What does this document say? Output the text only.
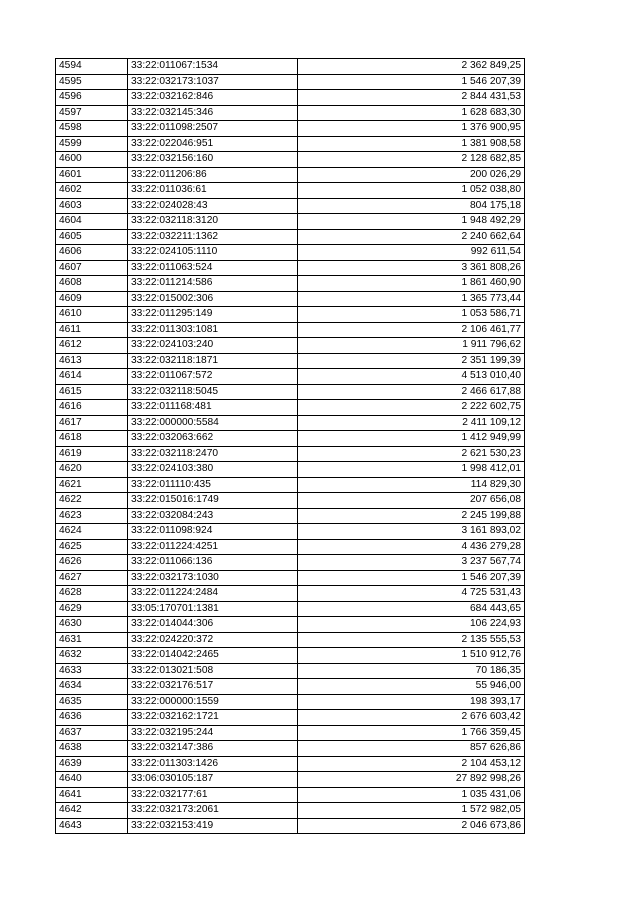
4594	33:22:011067:1534	2 362 849,25
4595	33:22:032173:1037	1 546 207,39
4596	33:22:032162:846	2 844 431,53
4597	33:22:032145:346	1 628 683,30
4598	33:22:011098:2507	1 376 900,95
4599	33:22:022046:951	1 381 908,58
4600	33:22:032156:160	2 128 682,85
4601	33:22:011206:86	200 026,29
4602	33:22:011036:61	1 052 038,80
4603	33:22:024028:43	804 175,18
4604	33:22:032118:3120	1 948 492,29
4605	33:22:032211:1362	2 240 662,64
4606	33:22:024105:1110	992 611,54
4607	33:22:011063:524	3 361 808,26
4608	33:22:011214:586	1 861 460,90
4609	33:22:015002:306	1 365 773,44
4610	33:22:011295:149	1 053 586,71
4611	33:22:011303:1081	2 106 461,77
4612	33:22:024103:240	1 911 796,62
4613	33:22:032118:1871	2 351 199,39
4614	33:22:011067:572	4 513 010,40
4615	33:22:032118:5045	2 466 617,88
4616	33:22:011168:481	2 222 602,75
4617	33:22:000000:5584	2 411 109,12
4618	33:22:032063:662	1 412 949,99
4619	33:22:032118:2470	2 621 530,23
4620	33:22:024103:380	1 998 412,01
4621	33:22:011110:435	114 829,30
4622	33:22:015016:1749	207 656,08
4623	33:22:032084:243	2 245 199,88
4624	33:22:011098:924	3 161 893,02
4625	33:22:011224:4251	4 436 279,28
4626	33:22:011066:136	3 237 567,74
4627	33:22:032173:1030	1 546 207,39
4628	33:22:011224:2484	4 725 531,43
4629	33:05:170701:1381	684 443,65
4630	33:22:014044:306	106 224,93
4631	33:22:024220:372	2 135 555,53
4632	33:22:014042:2465	1 510 912,76
4633	33:22:013021:508	70 186,35
4634	33:22:032176:517	55 946,00
4635	33:22:000000:1559	198 393,17
4636	33:22:032162:1721	2 676 603,42
4637	33:22:032195:244	1 766 359,45
4638	33:22:032147:386	857 626,86
4639	33:22:011303:1426	2 104 453,12
4640	33:06:030105:187	27 892 998,26
4641	33:22:032177:61	1 035 431,06
4642	33:22:032173:2061	1 572 982,05
4643	33:22:032153:419	2 046 673,86
